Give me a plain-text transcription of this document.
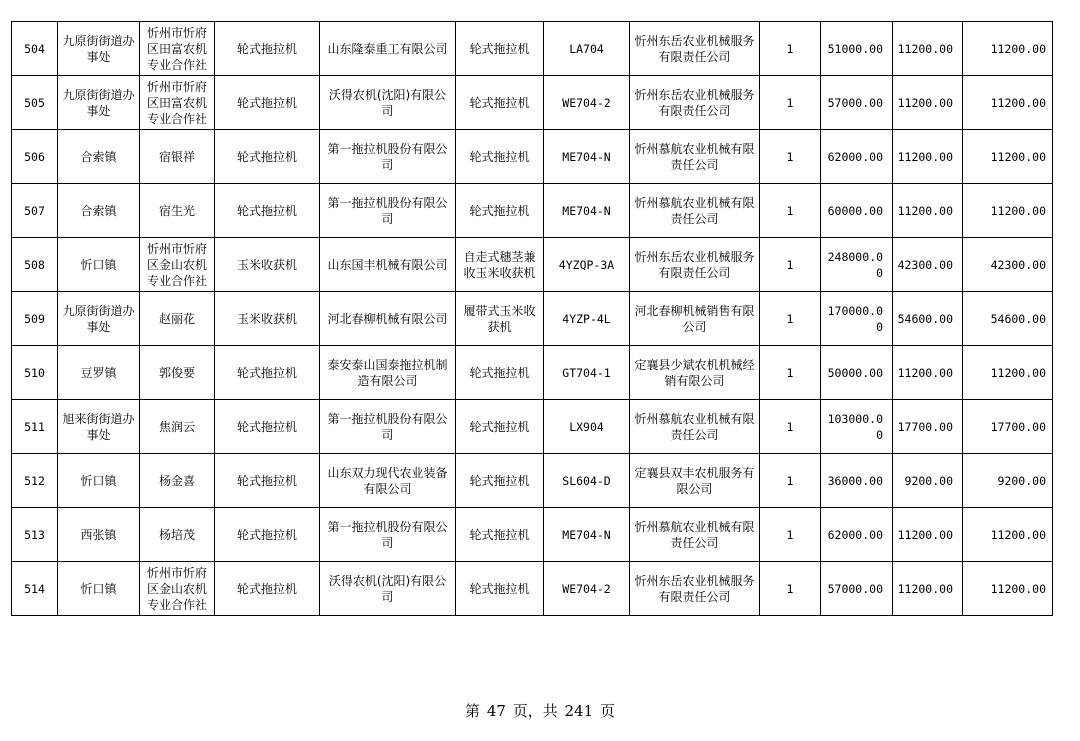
504	九原街街道办事处	忻州市忻府区田富农机专业合作社	轮式拖拉机	山东隆泰重工有限公司	轮式拖拉机	LA704	忻州东岳农业机械服务有限责任公司	1	51000.00	11200.00	11200.00
505	九原街街道办事处	忻州市忻府区田富农机专业合作社	轮式拖拉机	沃得农机(沈阳)有限公司	轮式拖拉机	WE704-2	忻州东岳农业机械服务有限责任公司	1	57000.00	11200.00	11200.00
506	合索镇	宿银祥	轮式拖拉机	第一拖拉机股份有限公司	轮式拖拉机	ME704-N	忻州慕航农业机械有限责任公司	1	62000.00	11200.00	11200.00
507	合索镇	宿生光	轮式拖拉机	第一拖拉机股份有限公司	轮式拖拉机	ME704-N	忻州慕航农业机械有限责任公司	1	60000.00	11200.00	11200.00
508	忻口镇	忻州市忻府区金山农机专业合作社	玉米收获机	山东国丰机械有限公司	自走式穗茎兼收玉米收获机	4YZQP-3A	忻州东岳农业机械服务有限责任公司	1	248000.00	42300.00	42300.00
509	九原街街道办事处	赵丽花	玉米收获机	河北春柳机械有限公司	履带式玉米收获机	4YZP-4L	河北春柳机械销售有限公司	1	170000.00	54600.00	54600.00
510	豆罗镇	郭俊要	轮式拖拉机	泰安泰山国泰拖拉机制造有限公司	轮式拖拉机	GT704-1	定襄县少斌农机机械经销有限公司	1	50000.00	11200.00	11200.00
511	旭来街街道办事处	焦润云	轮式拖拉机	第一拖拉机股份有限公司	轮式拖拉机	LX904	忻州慕航农业机械有限责任公司	1	103000.00	17700.00	17700.00
512	忻口镇	杨金喜	轮式拖拉机	山东双力现代农业装备有限公司	轮式拖拉机	SL604-D	定襄县双丰农机服务有限公司	1	36000.00	9200.00	9200.00
513	西张镇	杨培茂	轮式拖拉机	第一拖拉机股份有限公司	轮式拖拉机	ME704-N	忻州慕航农业机械有限责任公司	1	62000.00	11200.00	11200.00
514	忻口镇	忻州市忻府区金山农机专业合作社	轮式拖拉机	沃得农机(沈阳)有限公司	轮式拖拉机	WE704-2	忻州东岳农业机械服务有限责任公司	1	57000.00	11200.00	11200.00
第 47 页，共 241 页
